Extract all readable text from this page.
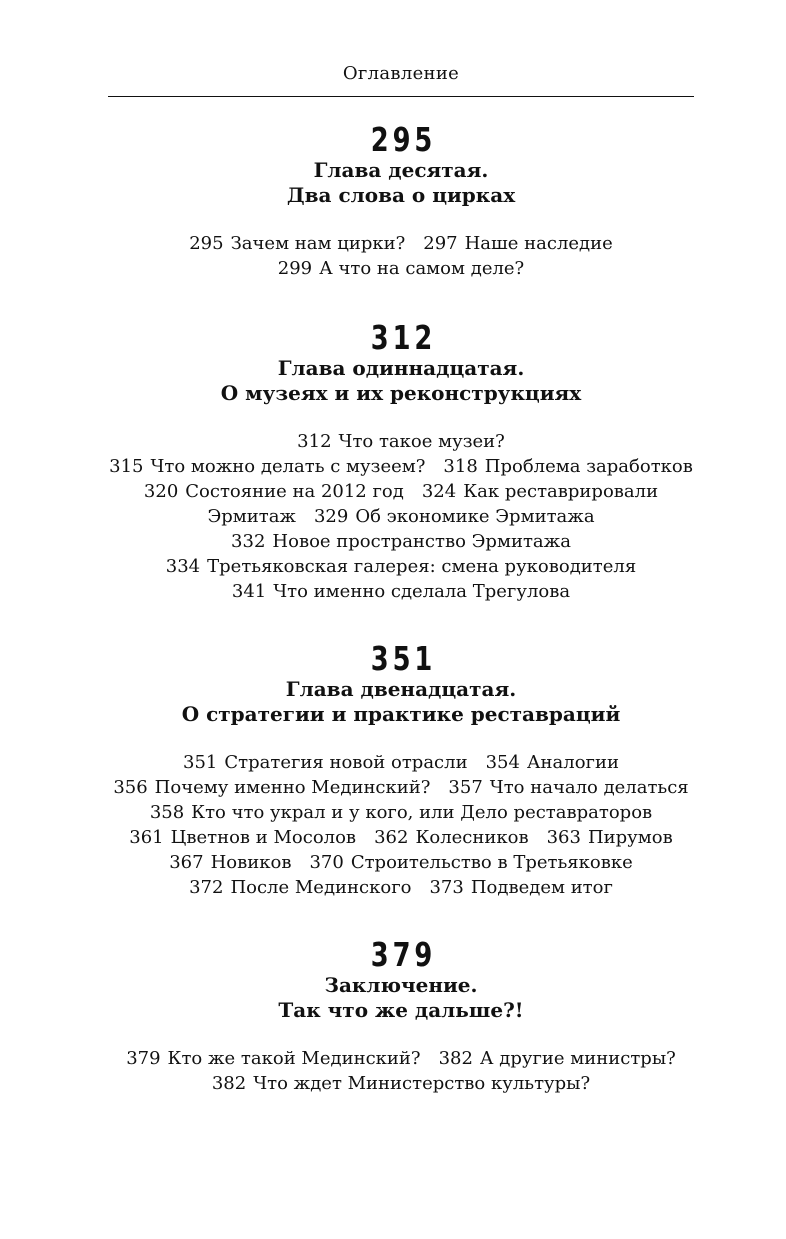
Оглавление
295
Глава десятая.
Два слова о цирках
295 Зачем нам цирки? 297 Наше наследие
299 А что на самом деле?
312
Глава одиннадцатая.
О музеях и их реконструкциях
312 Что такое музеи?
315 Что можно делать с музеем? 318 Проблема заработков
320 Состояние на 2012 год 324 Как реставрировали
Эрмитаж 329 Об экономике Эрмитажа
332 Новое пространство Эрмитажа
334 Третьяковская галерея: смена руководителя
341 Что именно сделала Трегулова
351
Глава двенадцатая.
О стратегии и практике реставраций
351 Стратегия новой отрасли 354 Аналогии
356 Почему именно Мединский? 357 Что начало делаться
358 Кто что украл и у кого, или Дело реставраторов
361 Цветнов и Мосолов 362 Колесников 363 Пирумов
367 Новиков 370 Строительство в Третьяковке
372 После Мединского 373 Подведем итог
379
Заключение.
Так что же дальше?!
379 Кто же такой Мединский? 382 А другие министры?
382 Что ждет Министерство культуры?
